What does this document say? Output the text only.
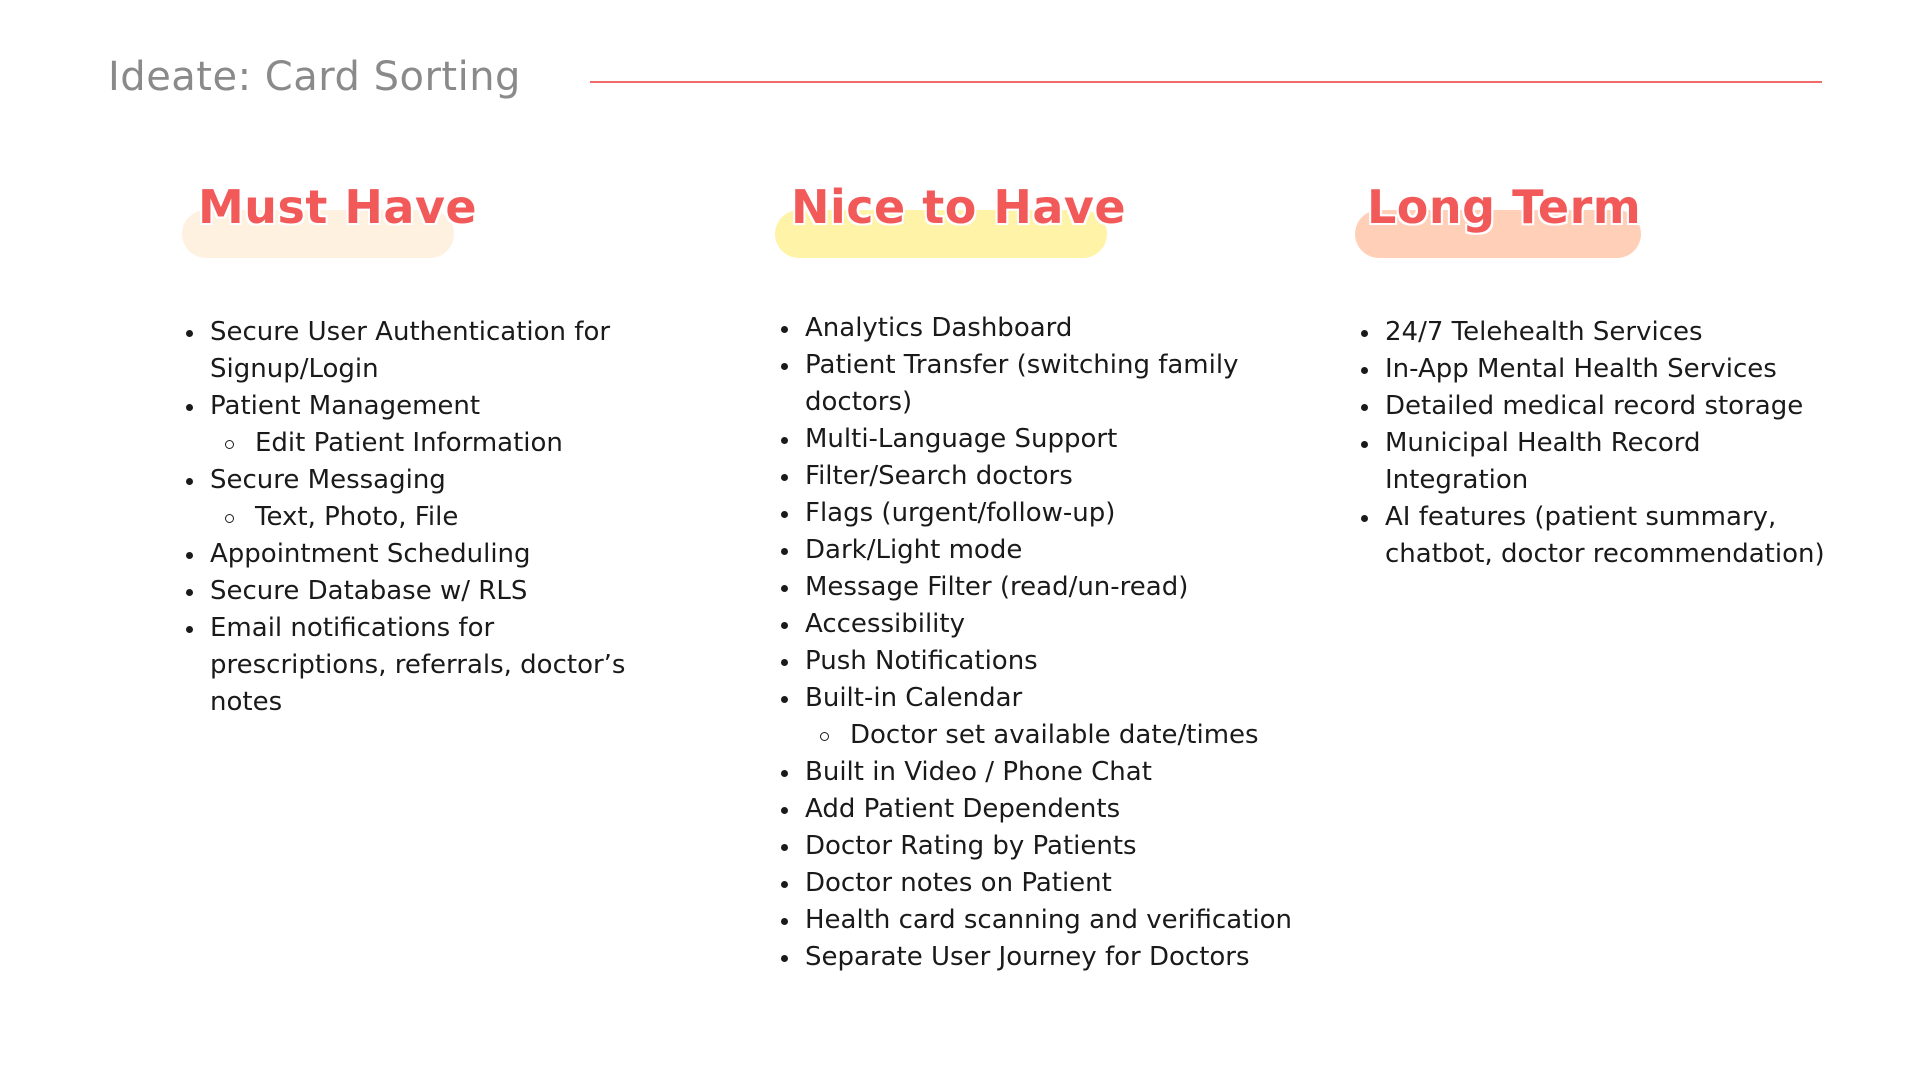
Ideate: Card Sorting
Must Have
Secure User Authentication for Signup/Login
Patient Management
Edit Patient Information
Secure Messaging
Text, Photo, File
Appointment Scheduling
Secure Database w/ RLS
Email notifications for prescriptions, referrals, doctor’s notes
Nice to Have
Analytics Dashboard
Patient Transfer (switching family doctors)
Multi-Language Support
Filter/Search doctors
Flags (urgent/follow-up)
Dark/Light mode
Message Filter (read/un-read)
Accessibility
Push Notifications
Built-in Calendar
Doctor set available date/times
Built in Video / Phone Chat
Add Patient Dependents
Doctor Rating by Patients
Doctor notes on Patient
Health card scanning and verification
Separate User Journey for Doctors
Long Term
24/7 Telehealth Services
In-App Mental Health Services
Detailed medical record storage
Municipal Health Record Integration
AI features (patient summary, chatbot, doctor recommendation)
